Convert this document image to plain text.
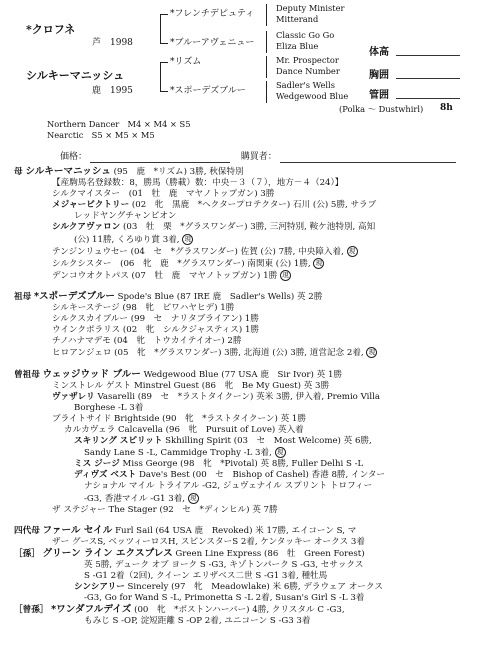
*クロフネ
芦　1998
シルキーマニッシュ
鹿　1995
*フレンチデピュティ
*ブルーアヴェニュー
*リズム
*スポーデズブルー
Deputy Minister
Mitterand
Classic Go Go
Eliza Blue
Mr. Prospector
Dance Number
Sadler's Wells
Wedgewood Blue
体高
胸囲
管囲
(Polka ～ Dustwhirl) 8h
Northern Dancer　M4 × M4 × S5
Nearctic　S5 × M5 × M5
価格：	購買者：
母 シルキーマニッシュ (95　鹿　*リズム) 3勝, 秋保特別
【産駒馬名登録数：8，勝馬（勝載）数：中央－３（７），地方－４（24）】
シルクマイスター　(01　牡　鹿　マヤノトップガン) 3勝
メジャービクトリー (02　牝　黒鹿　*ヘクタープロテクター) 石川 (公) 5勝, サラブ
レッドヤングチャンピオン
シルクアヴァロン (03　牡　栗　*グラスワンダー) 3勝, 三河特別, 鞍ケ池特別, 高知
(公) 11勝, くろゆり賞 3着, 現
テンジンリュウセー (04　セ　*グラスワンダー) 佐賀 (公) 7勝, 中央障入着, 現
シルクシスター　(06　牝　鹿　*グラスワンダー) 南関東 (公) 1勝, 現
デンコウオクトパス (07　牡　鹿　マヤノトップガン) 1勝 現
祖母 *スポーデズブルー Spode's Blue (87 IRE 鹿　Sadler's Wells) 英 2勝
シルキーステージ (98　牝　ピワハヤヒデ) 1勝
シルクスカイブルー (99　セ　ナリタブライアン) 1勝
ウインクポラリス (02　牝　シルクジャスティス) 1勝
チノハナマデモ (04　牝　トウカイテイオー) 2勝
ヒロアンジェロ (05　牝　*グラスワンダー) 3勝, 北海道 (公) 3勝, 道営記念 2着, 現
曾祖母 ウェッジウッド ブルー Wedgewood Blue (77 USA 鹿　Sir Ivor) 英 1勝
ミンストレル ゲスト Minstrel Guest (86　牝　Be My Guest) 英 3勝
ヴァザレリ Vasarelli (89　セ　*ラストタイクーン) 英米 3勝, 伊入着, Premio Villa
Borghese -L 3着
ブライトサイド Brightside (90　牝　*ラストタイクーン) 英 1勝
カルカヴェラ Calcavella (96　牝　Pursuit of Love) 英入着
スキリング スピリット Skhilling Spirit (03　セ　Most Welcome) 英 6勝,
Sandy Lane S -L, Cammidge Trophy -L 3着, 現
ミス ジージ Miss George (98　牝　*Pivotal) 英 8勝, Fuller Delhi S -L
ディヴズ ベスト Dave's Best (00　セ　Bishop of Cashel) 香港 8勝, インター
ナショナル マイル トライアル -G2, ジュヴェナイル スプリント トロフィー
-G3, 香港マイル -G1 3着, 現
ザ ステジャー The Stager (92　セ　*ディンヒル) 英 7勝
四代母 ファール セイル Furl Sail (64 USA 鹿　Revoked) 米 17勝, エイコーン S, マ
ザー グースS, ベッツィーロスH, スピンスターS 2着, ケンタッキー オークス 3着
［孫］ グリーン ライン エクスプレス Green Line Express (86　牡　Green Forest)
英 5勝, デューク オブ ヨーク S -G3, キゾトンパーク S -G3, セサックス
S -G1 2着（2回), クイーン エリザベス二世 S -G1 3着, 種牡馬
シンシアリー Sincerely (97　牝　Meadowlake) 米 6勝, デラウェア オークス
-G3, Go for Wand S -L, Primonetta S -L 2着, Susan's Girl S -L 3着
［曾孫］ *ワンダフルデイズ (00　牝　*ボストンハーバー) 4勝, クリスタル C -G3,
もみじ S -OP, 淀短距離 S -OP 2着, ユニコーン S -G3 3着
